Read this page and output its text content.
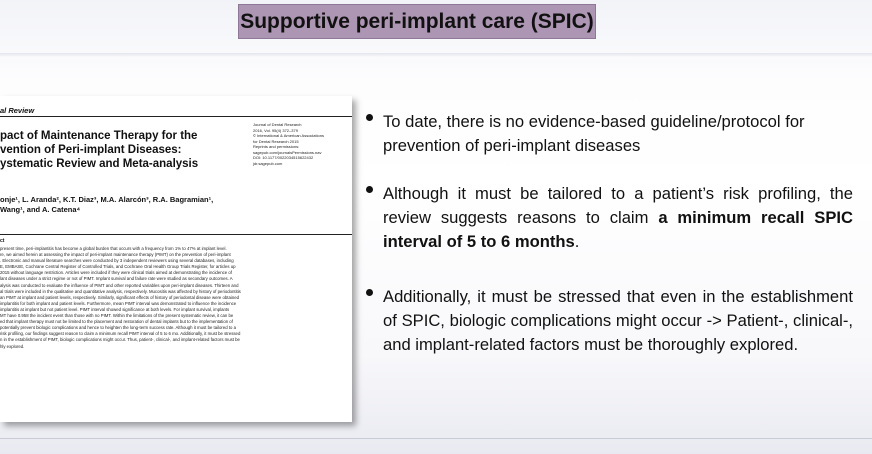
Supportive peri-implant care (SPIC)
al Review
pact of Maintenance Therapy for the
vention of Peri-implant Diseases:
ystematic Review and Meta-analysis
Journal of Dental Research
2016, Vol. 95(4) 372–379
© International & American Associations
for Dental Research 2015
Reprints and permissions:
sagepub.com/journalsPermissions.nav
DOI: 10.1177/0022034515622432
jdr.sagepub.com
onje¹, L. Aranda², K.T. Diaz³, M.A. Alarcón³, R.A. Bagramian¹,
Wang¹, and A. Catena⁴
ct
present time, peri-implantitis has become a global burden that occurs with a frequency from 1% to 47% at implant level.
re, we aimed herein at assessing the impact of peri-implant maintenance therapy (PIMT) on the prevention of peri-implant
. Electronic and manual literature searches were conducted by 3 independent reviewers using several databases, including
E, EMBASE, Cochrane Central Register of Controlled Trials, and Cochrane Oral Health Group Trials Register, for articles up
2015 without language restriction. Articles were included if they were clinical trials aimed at demonstrating the incidence of
lant diseases under a strict regime or not of PIMT. Implant survival and failure rate were studied as secondary outcomes. A
alysis was conducted to evaluate the influence of PIMT and other reported variables upon peri-implant diseases. Thirteen and
al trials were included in the qualitative and quantitative analysis, respectively. Mucositis was affected by history of periodontitis
an PIMT at implant and patient levels, respectively. Similarly, significant effects of history of periodontal disease were obtained
implantitis for both implant and patient levels. Furthermore, mean PIMT interval was demonstrated to influence the incidence
implantitis at implant but not patient level. PIMT interval showed significance at both levels. For implant survival, implants
MT have 0.958 the incident event than those with no PIMT. Within the limitations of the present systematic review, it can be
ed that implant therapy must not be limited to the placement and restoration of dental implants but to the implementation of
potentially prevent biologic complications and hence to heighten the long-term success rate. Although it must be tailored to a
risk profiling, our findings suggest reason to claim a minimum recall PIMT interval of 5 to 6 mo. Additionally, it must be stressed
n in the establishment of PIMT, biologic complications might occur. Thus, patient-, clinical-, and implant-related factors must be
hly explored.
To date, there is no evidence-based guideline/protocol for prevention of peri-implant diseases
Although it must be tailored to a patient’s risk profiling, the review suggests reasons to claim a minimum recall SPIC interval of 5 to 6 months.
Additionally, it must be stressed that even in the establishment of SPIC, biologic complications might occur -> Patient-, clinical-, and implant-related factors must be thoroughly explored.
